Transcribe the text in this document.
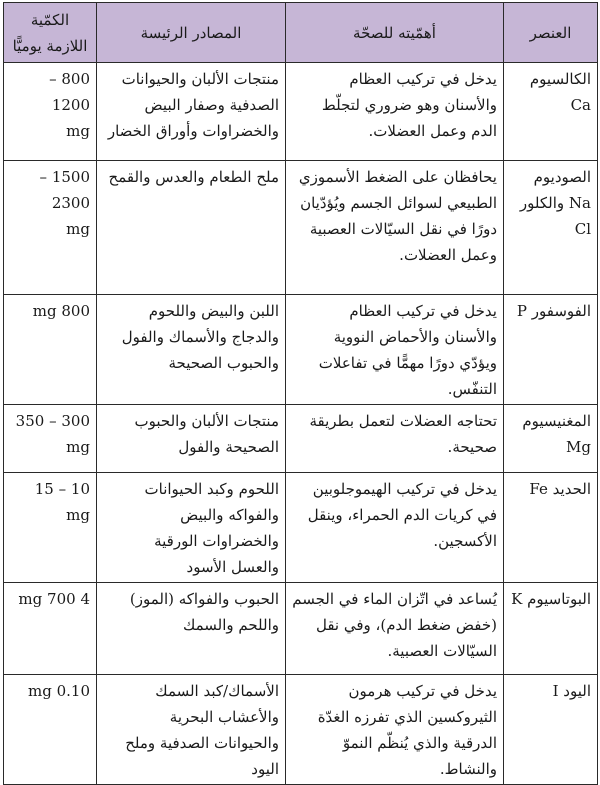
العنصر	أهمّيته للصحّة	المصادر الرئيسة	الكمّية اللازمة يوميًّا
الكالسيوم Ca	يدخل في تركيب العظام والأسنان وهو ضروري لتجلّط الدم وعمل العضلات.	منتجات الألبان والحيوانات الصدفية وصفار البيض والخضراوات وأوراق الخضار	800 – 1200
mg

الصوديوم Na والكلور Cl	يحافظان على الضغط الأسموزي الطبيعي لسوائل الجسم ويُؤدّيان دورًا في نقل السيّالات العصبية وعمل العضلات.	ملح الطعام والعدس والقمح	1500 – 2300
mg

الفوسفور P	يدخل في تركيب العظام والأسنان والأحماض النووية ويؤدّي دورًا مهمًّا في تفاعلات التنفّس.	اللبن والبيض واللحوم والدجاج والأسماك والفول والحبوب الصحيحة	800 mg

المغنيسيوم Mg	تحتاجه العضلات لتعمل بطريقة صحيحة.	منتجات الألبان والحبوب الصحيحة والفول	300 – 350
mg

الحديد Fe	يدخل في تركيب الهيموجلوبين في كريات الدم الحمراء، وينقل الأكسجين.	اللحوم وكبد الحيوانات والفواكه والبيض والخضراوات الورقية والعسل الأسود	10 – 15 mg

البوتاسيوم K	يُساعد في اتّزان الماء في الجسم (خفض ضغط الدم)، وفي نقل السيّالات العصبية.	الحبوب والفواكه (الموز) واللحم والسمك	4 700 mg

اليود I	يدخل في تركيب هرمون الثيروكسين الذي تفرزه الغدّة الدرقية والذي يُنظّم النموّ والنشاط.	الأسماك/كبد السمك والأعشاب البحرية والحيوانات الصدفية وملح اليود	0.10 mg
